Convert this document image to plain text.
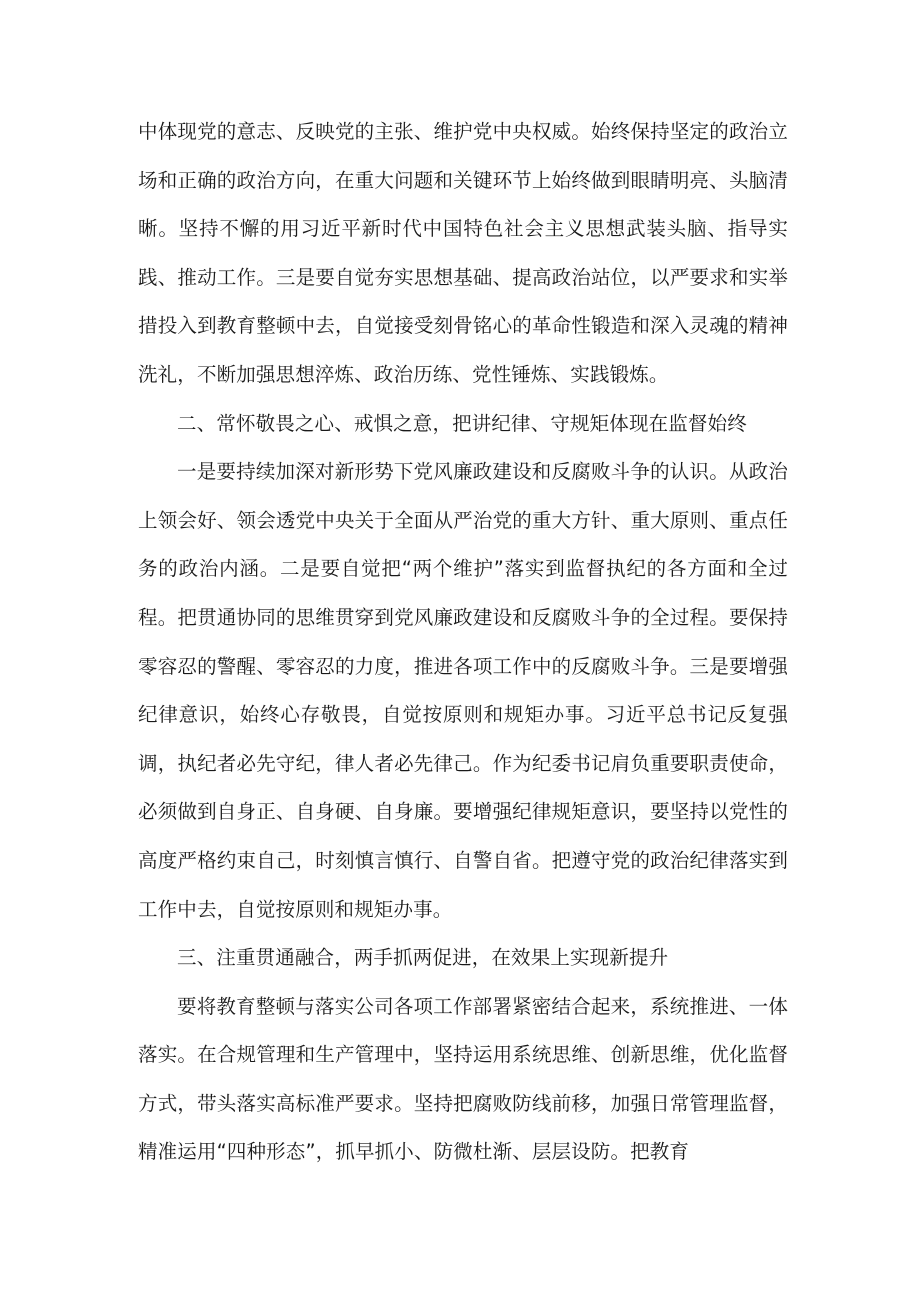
中体现党的意志、反映党的主张、维护党中央权威。始终保持坚定的政治立场和正确的政治方向，在重大问题和关键环节上始终做到眼睛明亮、头脑清晰。坚持不懈的用习近平新时代中国特色社会主义思想武装头脑、指导实践、推动工作。三是要自觉夯实思想基础、提高政治站位，以严要求和实举措投入到教育整顿中去，自觉接受刻骨铭心的革命性锻造和深入灵魂的精神洗礼，不断加强思想淬炼、政治历练、党性锤炼、实践锻炼。

二、常怀敬畏之心、戒惧之意，把讲纪律、守规矩体现在监督始终

一是要持续加深对新形势下党风廉政建设和反腐败斗争的认识。从政治上领会好、领会透党中央关于全面从严治党的重大方针、重大原则、重点任务的政治内涵。二是要自觉把“两个维护”落实到监督执纪的各方面和全过程。把贯通协同的思维贯穿到党风廉政建设和反腐败斗争的全过程。要保持零容忍的警醒、零容忍的力度，推进各项工作中的反腐败斗争。三是要增强纪律意识，始终心存敬畏，自觉按原则和规矩办事。习近平总书记反复强调，执纪者必先守纪，律人者必先律己。作为纪委书记肩负重要职责使命，必须做到自身正、自身硬、自身廉。要增强纪律规矩意识，要坚持以党性的高度严格约束自己，时刻慎言慎行、自警自省。把遵守党的政治纪律落实到工作中去，自觉按原则和规矩办事。

三、注重贯通融合，两手抓两促进，在效果上实现新提升

要将教育整顿与落实公司各项工作部署紧密结合起来，系统推进、一体落实。在合规管理和生产管理中，坚持运用系统思维、创新思维，优化监督方式，带头落实高标准严要求。坚持把腐败防线前移，加强日常管理监督，精准运用“四种形态”，抓早抓小、防微杜渐、层层设防。把教育
